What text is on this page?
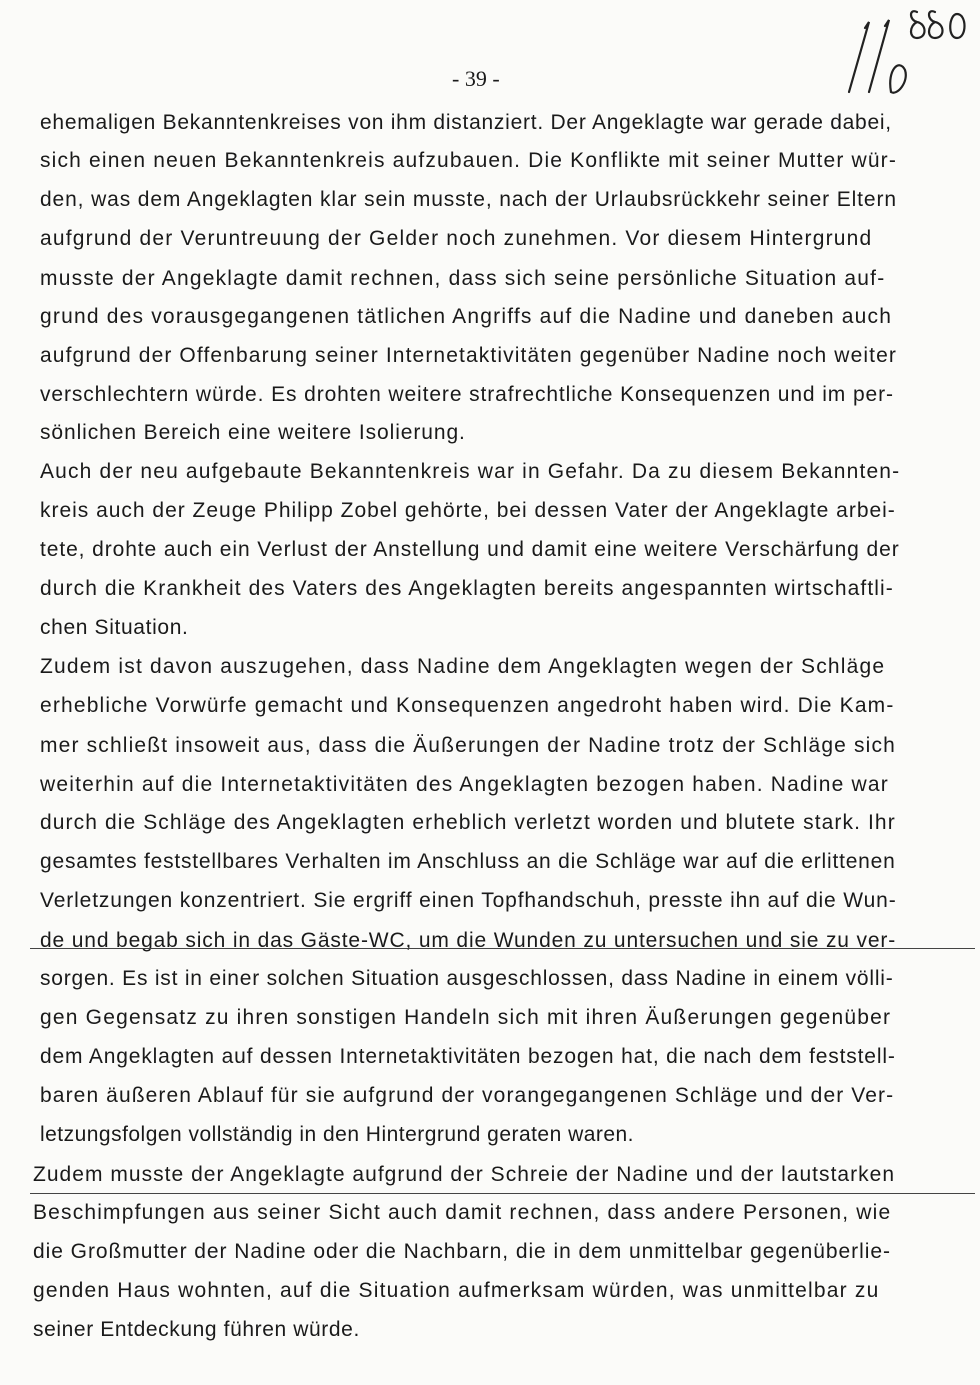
- 39 -
ehemaligen Bekanntenkreises von ihm distanziert. Der Angeklagte war gerade dabei,
sich einen neuen Bekanntenkreis aufzubauen. Die Konflikte mit seiner Mutter wür-
den, was dem Angeklagten klar sein musste, nach der Urlaubsrückkehr seiner Eltern
aufgrund der Veruntreuung der Gelder noch zunehmen. Vor diesem Hintergrund
musste der Angeklagte damit rechnen, dass sich seine persönliche Situation auf-
grund des vorausgegangenen tätlichen Angriffs auf die Nadine und daneben auch
aufgrund der Offenbarung seiner Internetaktivitäten gegenüber Nadine noch weiter
verschlechtern würde. Es drohten weitere strafrechtliche Konsequenzen und im per-
sönlichen Bereich eine weitere Isolierung.
Auch der neu aufgebaute Bekanntenkreis war in Gefahr. Da zu diesem Bekannten-
kreis auch der Zeuge Philipp Zobel gehörte, bei dessen Vater der Angeklagte arbei-
tete, drohte auch ein Verlust der Anstellung und damit eine weitere Verschärfung der
durch die Krankheit des Vaters des Angeklagten bereits angespannten wirtschaftli-
chen Situation.
Zudem ist davon auszugehen, dass Nadine dem Angeklagten wegen der Schläge
erhebliche Vorwürfe gemacht und Konsequenzen angedroht haben wird. Die Kam-
mer schließt insoweit aus, dass die Äußerungen der Nadine trotz der Schläge sich
weiterhin auf die Internetaktivitäten des Angeklagten bezogen haben. Nadine war
durch die Schläge des Angeklagten erheblich verletzt worden und blutete stark. Ihr
gesamtes feststellbares Verhalten im Anschluss an die Schläge war auf die erlittenen
Verletzungen konzentriert. Sie ergriff einen Topfhandschuh, presste ihn auf die Wun-
de und begab sich in das Gäste-WC, um die Wunden zu untersuchen und sie zu ver-
sorgen. Es ist in einer solchen Situation ausgeschlossen, dass Nadine in einem völli-
gen Gegensatz zu ihren sonstigen Handeln sich mit ihren Äußerungen gegenüber
dem Angeklagten auf dessen Internetaktivitäten bezogen hat, die nach dem feststell-
baren äußeren Ablauf für sie aufgrund der vorangegangenen Schläge und der Ver-
letzungsfolgen vollständig in den Hintergrund geraten waren.
Zudem musste der Angeklagte aufgrund der Schreie der Nadine und der lautstarken
Beschimpfungen aus seiner Sicht auch damit rechnen, dass andere Personen, wie
die Großmutter der Nadine oder die Nachbarn, die in dem unmittelbar gegenüberlie-
genden Haus wohnten, auf die Situation aufmerksam würden, was unmittelbar zu
seiner Entdeckung führen würde.
